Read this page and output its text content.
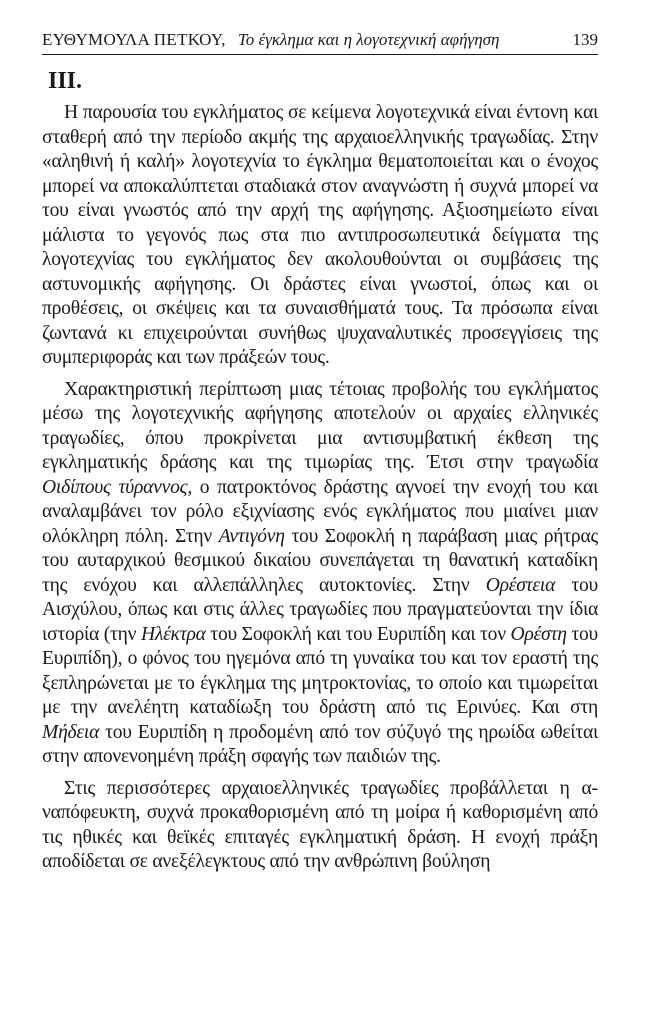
ΕΥΘΥΜΟΥΛΑ ΠΕΤΚΟΥ, Το έγκλημα και η λογοτεχνική αφήγηση	139
III.

Η παρουσία του εγκλήματος σε κείμενα λογοτεχνικά είναι έντονη και σταθερή από την περίοδο ακμής της αρχαιοελληνικής τραγωδίας. Στην «αληθινή ή καλή» λογοτεχνία το έγκλημα θεματοποιείται και ο ένοχος μπορεί να αποκαλύπτεται σταδιακά στον αναγνώστη ή συχνά μπορεί να του είναι γνωστός από την αρχή της αφήγησης. Αξιοσημείωτο είναι μάλιστα το γεγονός πως στα πιο αντιπροσωπευτικά δείγματα της λογοτεχνίας του εγκλήματος δεν ακολουθούνται οι συμβάσεις της αστυνομικής αφήγησης. Οι δράστες είναι γνωστοί, όπως και οι προθέσεις, οι σκέψεις και τα συναισθήματά τους. Τα πρόσωπα είναι ζωντανά κι επιχειρούνται συνήθως ψυχαναλυτικές προσεγγίσεις της συμπεριφοράς και των πράξεών τους.

Χαρακτηριστική περίπτωση μιας τέτοιας προβολής του εγκλήματος μέσω της λογοτεχνικής αφήγησης αποτελούν οι αρχαίες ελληνικές τραγωδίες, όπου προκρίνεται μια αντισυμβατική έκθεση της εγκληματικής δράσης και της τιμωρίας της. Έτσι στην τραγωδία Οιδίπους τύραννος, ο πατροκτόνος δράστης αγνοεί την ενοχή του και αναλαμβάνει τον ρόλο εξιχνίασης ενός εγκλήματος που μιαίνει μιαν ολόκληρη πόλη. Στην Αντιγόνη του Σοφοκλή η παράβαση μιας ρήτρας του αυταρχικού θεσμικού δικαίου συνεπάγεται τη θανατική καταδίκη της ενόχου και αλλεπάλληλες αυτοκτονίες. Στην Ορέστεια του Αισχύλου, όπως και στις άλλες τραγωδίες που πραγματεύονται την ίδια ιστορία (την Ηλέκτρα του Σοφοκλή και του Ευριπίδη και τον Ορέστη του Ευριπίδη), ο φόνος του ηγεμόνα από τη γυναίκα του και τον εραστή της ξεπληρώνεται με το έγκλημα της μητροκτονίας, το οποίο και τιμωρείται με την ανελέητη καταδίωξη του δράστη από τις Ερινύες. Και στη Μήδεια του Ευριπίδη η προδομένη από τον σύζυγό της ηρωίδα ωθείται στην απονενοημένη πράξη σφαγής των παιδιών της.

Στις περισσότερες αρχαιοελληνικές τραγωδίες προβάλλεται η αναπόφευκτη, συχνά προκαθορισμένη από τη μοίρα ή καθορισμένη από τις ηθικές και θεϊκές επιταγές εγκληματική δράση. Η ενοχή πράξη αποδίδεται σε ανεξέλεγκτους από την ανθρώπινη βούληση
